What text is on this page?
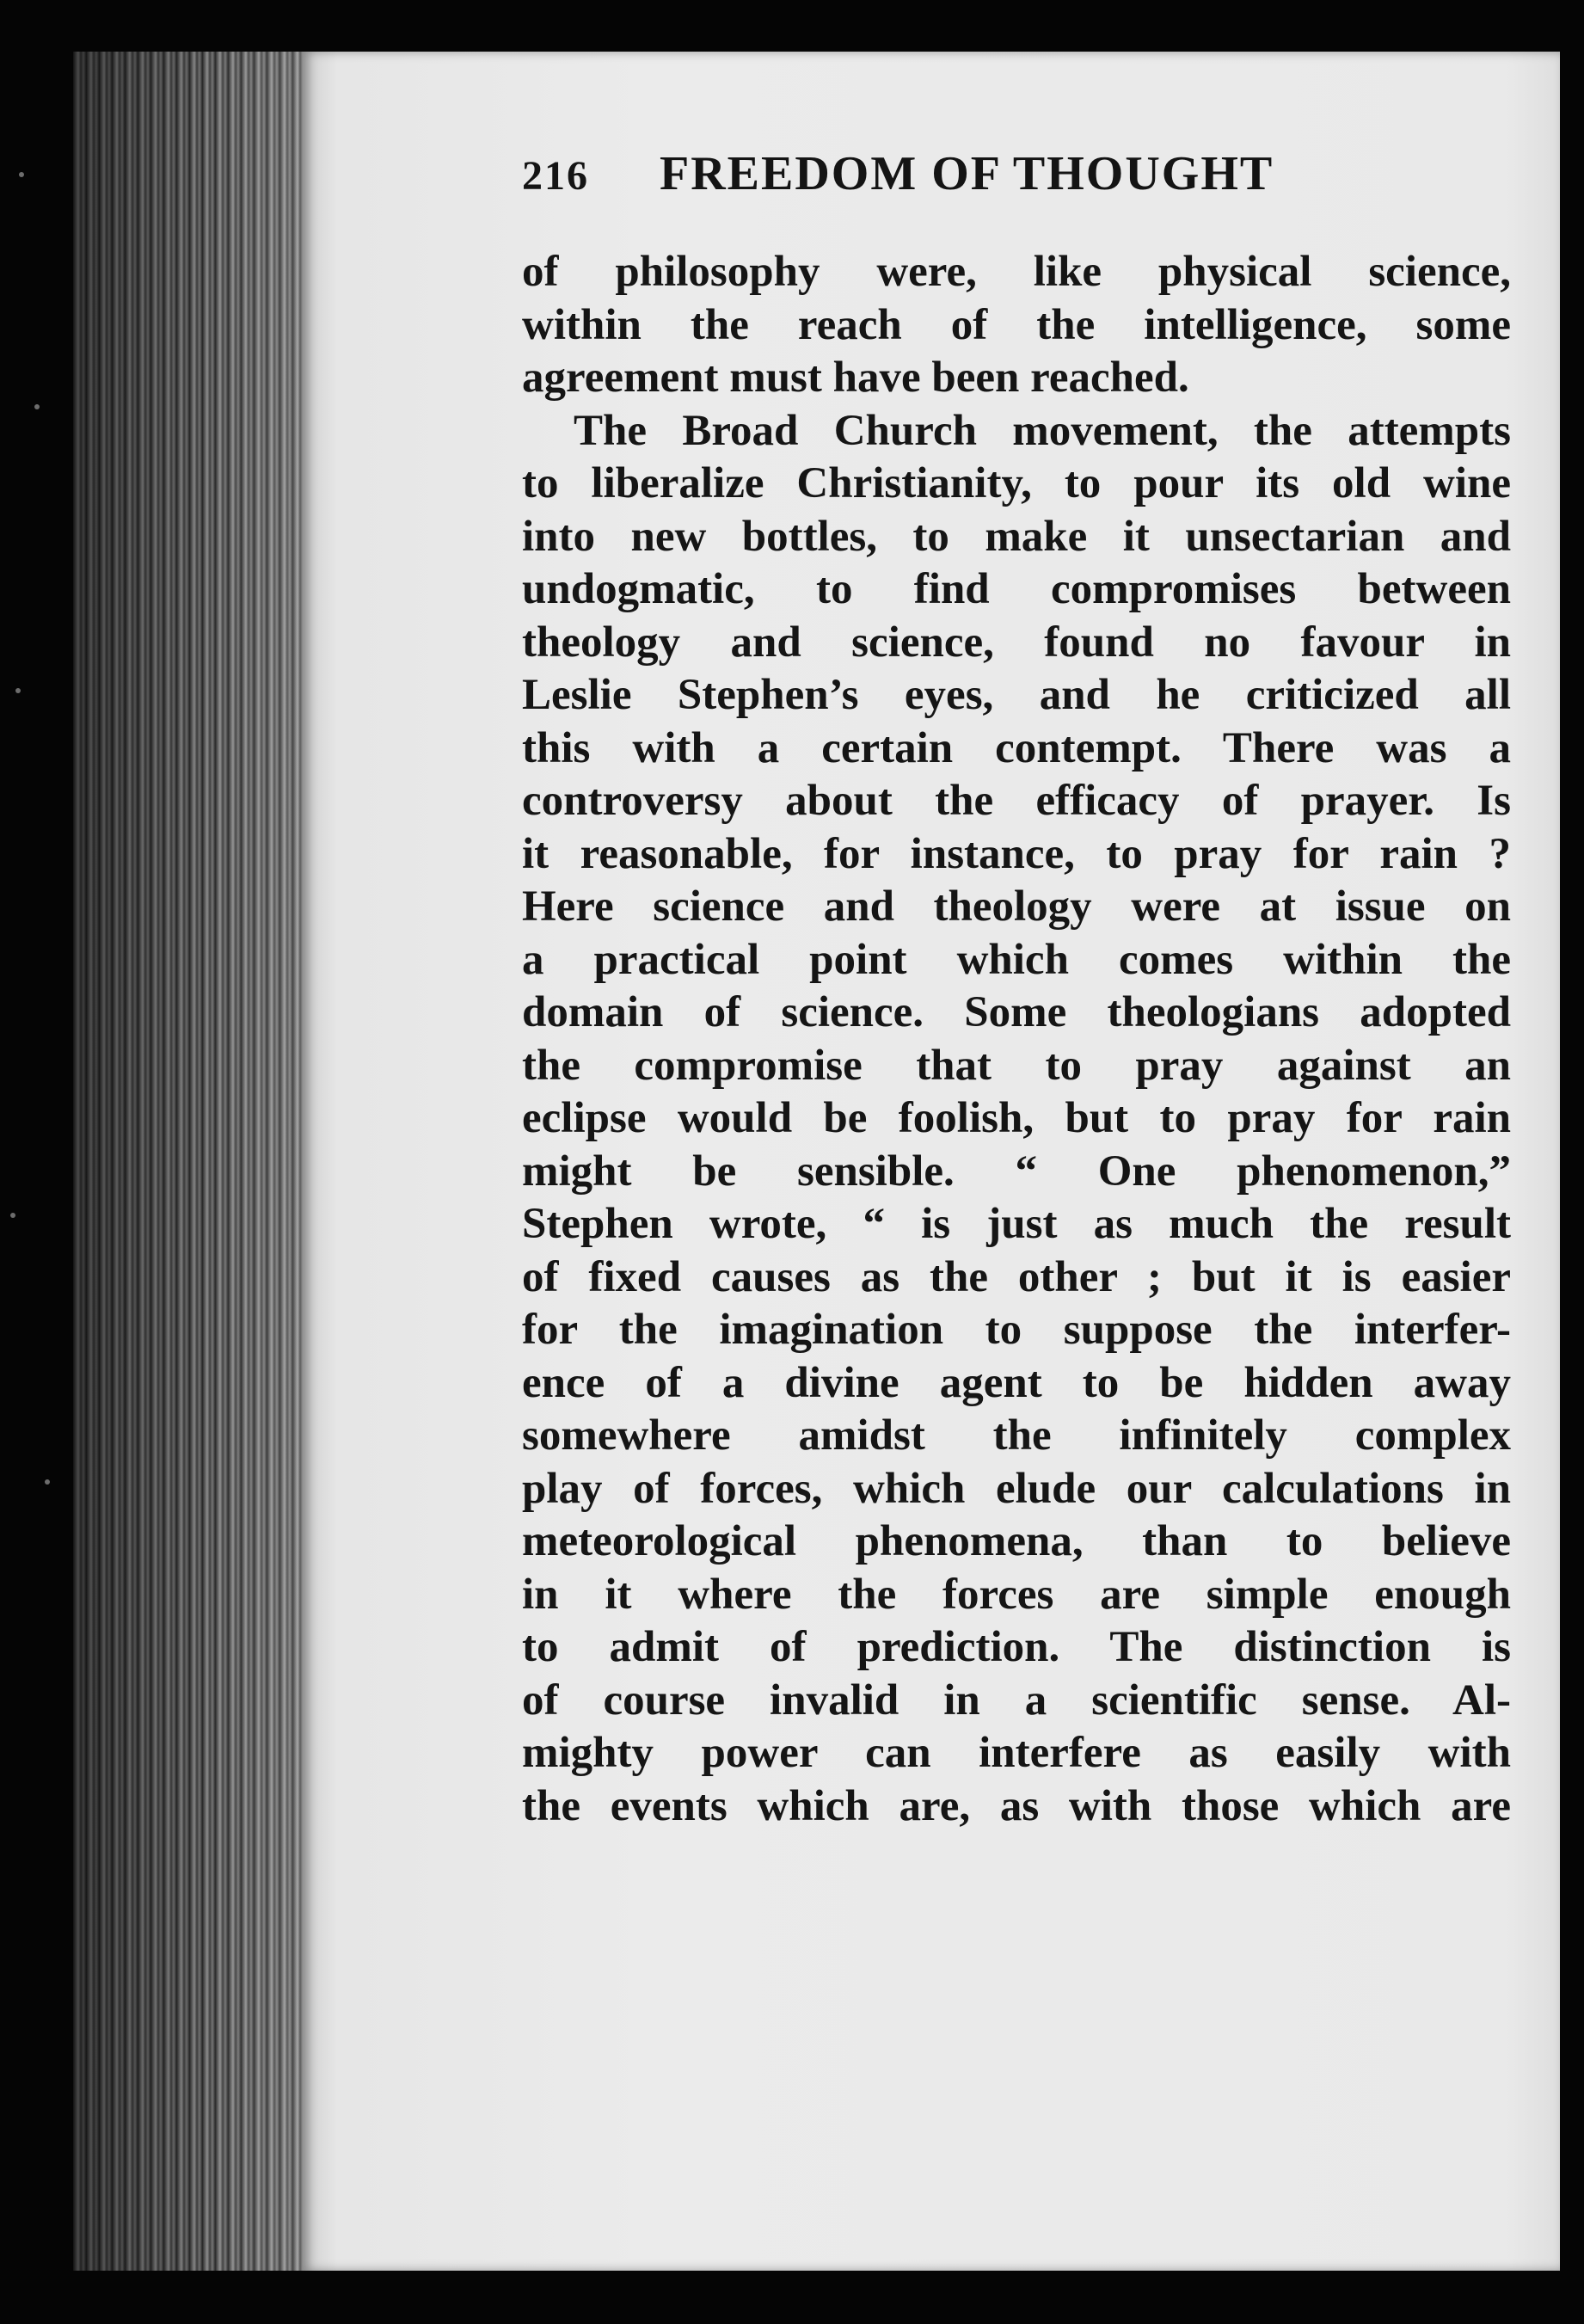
216 FREEDOM OF THOUGHT
of philosophy were, like physical science,
within the reach of the intelligence, some
agreement must have been reached.
The Broad Church movement, the attempts
to liberalize Christianity, to pour its old wine
into new bottles, to make it unsectarian and
undogmatic, to find compromises between
theology and science, found no favour in
Leslie Stephen’s eyes, and he criticized all
this with a certain contempt. There was a
controversy about the efficacy of prayer. Is
it reasonable, for instance, to pray for rain ?
Here science and theology were at issue on
a practical point which comes within the
domain of science. Some theologians adopted
the compromise that to pray against an
eclipse would be foolish, but to pray for rain
might be sensible. “ One phenomenon,”
Stephen wrote, “ is just as much the result
of fixed causes as the other ; but it is easier
for the imagination to suppose the interfer-
ence of a divine agent to be hidden away
somewhere amidst the infinitely complex
play of forces, which elude our calculations in
meteorological phenomena, than to believe
in it where the forces are simple enough
to admit of prediction. The distinction is
of course invalid in a scientific sense. Al-
mighty power can interfere as easily with
the events which are, as with those which are
